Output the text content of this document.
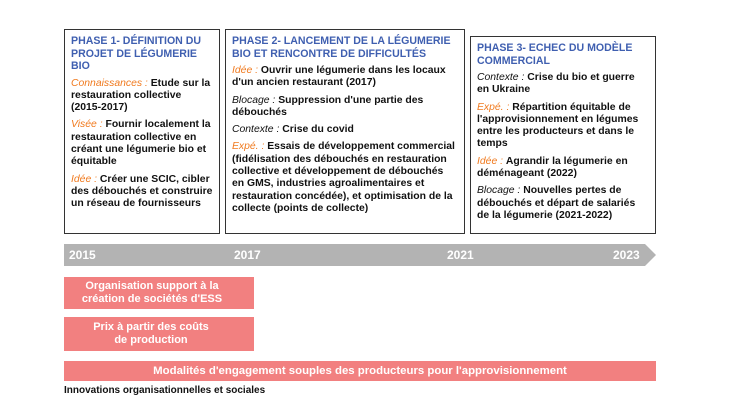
PHASE 1- DÉFINITION DU PROJET DE LÉGUMERIE BIO
Connaissances : Etude sur la restauration collective (2015-2017)
Visée : Fournir localement la restauration collective en créant une légumerie bio et équitable
Idée : Créer une SCIC, cibler des débouchés et construire un réseau de fournisseurs
PHASE 2- LANCEMENT DE LA LÉGUMERIE BIO ET RENCONTRE DE DIFFICULTÉS
Idée : Ouvrir une légumerie dans les locaux d'un ancien restaurant (2017)
Blocage : Suppression d'une partie des débouchés
Contexte : Crise du covid
Expé. : Essais de développement commercial (fidélisation des débouchés en restauration collective et développement de débouchés en GMS, industries agroalimentaires et restauration concédée), et optimisation de la collecte (points de collecte)
PHASE 3- ECHEC DU MODÈLE COMMERCIAL
Contexte : Crise du bio et guerre en Ukraine
Expé. : Répartition équitable de l'approvisionnement en légumes entre les producteurs et dans le temps
Idée : Agrandir la légumerie en déménageant (2022)
Blocage : Nouvelles pertes de débouchés et départ de salariés de la légumerie (2021-2022)
2015	2017	2021	2023
Organisation support à la création de sociétés d'ESS
Prix à partir des coûts de production
Modalités d'engagement souples des producteurs pour l'approvisionnement
Innovations organisationnelles et sociales
